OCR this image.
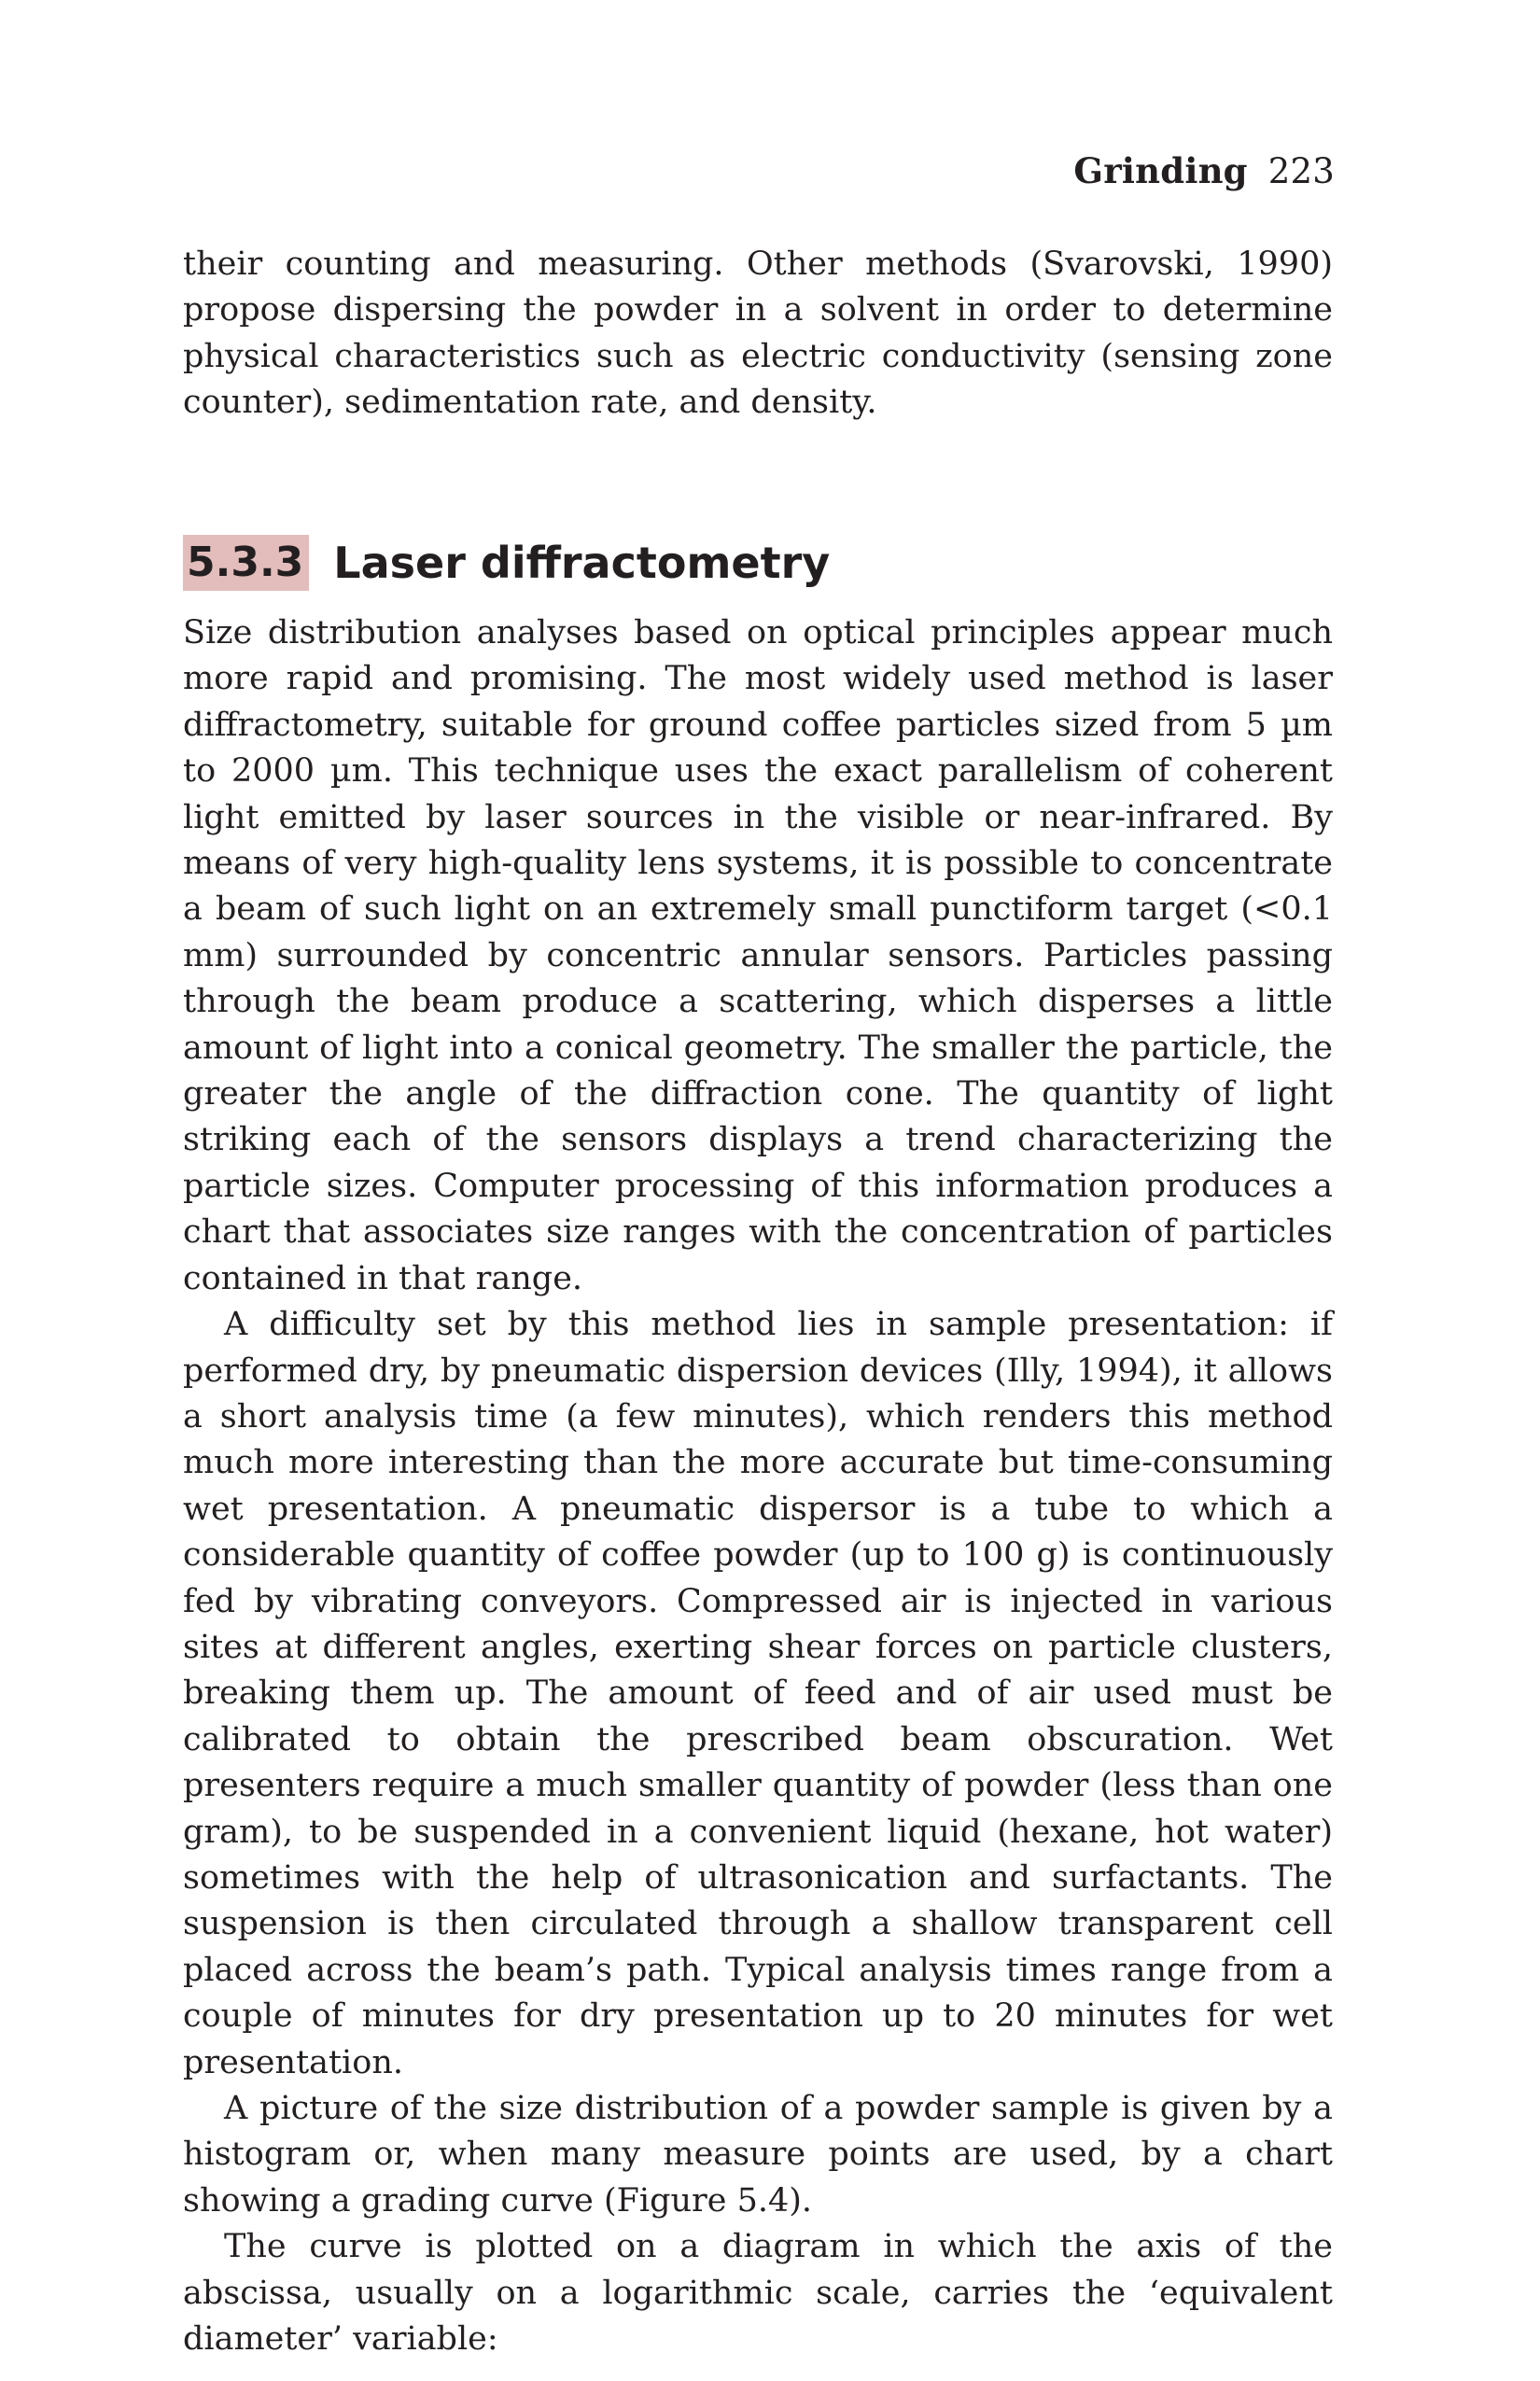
Grinding 223

their counting and measuring. Other methods (Svarovski, 1990) propose dispersing the powder in a solvent in order to determine physical characteristics such as electric conductivity (sensing zone counter), sedimentation rate, and density.

5.3.3 Laser diffractometry

Size distribution analyses based on optical principles appear much more rapid and promising. The most widely used method is laser diffractometry, suitable for ground coffee particles sized from 5 µm to 2000 µm. This technique uses the exact parallelism of coherent light emitted by laser sources in the visible or near-infrared. By means of very high-quality lens systems, it is possible to concentrate a beam of such light on an extremely small punctiform target (<0.1 mm) surrounded by concentric annular sensors. Particles passing through the beam produce a scattering, which disperses a little amount of light into a conical geometry. The smaller the particle, the greater the angle of the diffraction cone. The quantity of light striking each of the sensors displays a trend characterizing the particle sizes. Computer processing of this information produces a chart that associates size ranges with the concentration of particles contained in that range.

A difficulty set by this method lies in sample presentation: if performed dry, by pneumatic dispersion devices (Illy, 1994), it allows a short analysis time (a few minutes), which renders this method much more interesting than the more accurate but time-consuming wet presentation. A pneumatic dispersor is a tube to which a considerable quantity of coffee powder (up to 100 g) is continuously fed by vibrating conveyors. Compressed air is injected in various sites at different angles, exerting shear forces on particle clusters, breaking them up. The amount of feed and of air used must be calibrated to obtain the prescribed beam obscuration. Wet presenters require a much smaller quantity of powder (less than one gram), to be suspended in a convenient liquid (hexane, hot water) sometimes with the help of ultrasonication and surfactants. The suspension is then circulated through a shallow transparent cell placed across the beam’s path. Typical analysis times range from a couple of minutes for dry presentation up to 20 minutes for wet presentation.

A picture of the size distribution of a powder sample is given by a histogram or, when many measure points are used, by a chart showing a grading curve (Figure 5.4).

The curve is plotted on a diagram in which the axis of the abscissa, usually on a logarithmic scale, carries the ‘equivalent diameter’ variable:
